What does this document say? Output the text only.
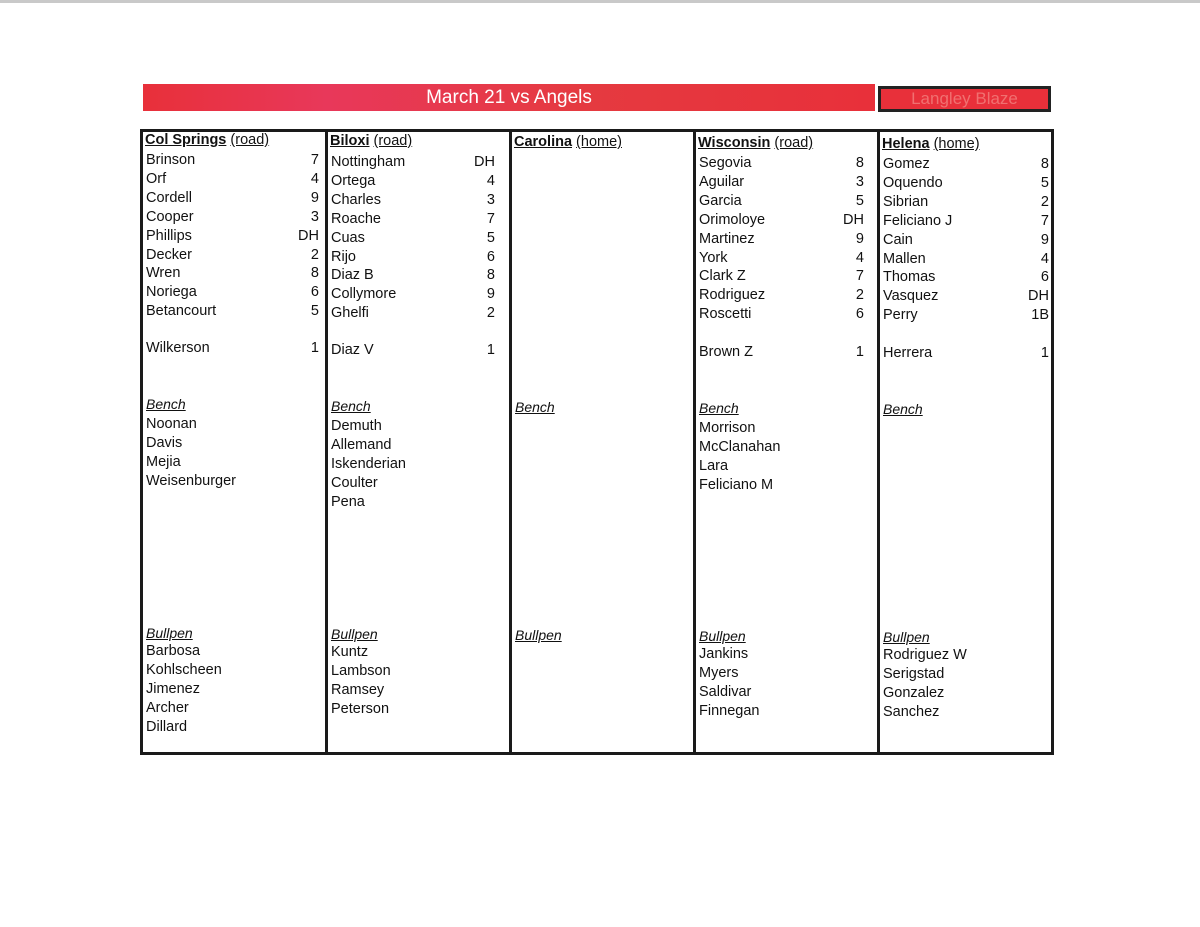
March 21 vs Angels	Langley Blaze
Col Springs (road)
Brinson	7
Orf	4
Cordell	9
Cooper	3
Phillips	DH
Decker	2
Wren	8
Noriega	6
Betancourt	5
Wilkerson	1
Bench
Noonan
Davis
Mejia
Weisenburger
Bullpen
Barbosa
Kohlscheen
Jimenez
Archer
Dillard
Biloxi (road)
Nottingham	DH
Ortega	4
Charles	3
Roache	7
Cuas	5
Rijo	6
Diaz B	8
Collymore	9
Ghelfi	2
Diaz V	1
Bench
Demuth
Allemand
Iskenderian
Coulter
Pena
Bullpen
Kuntz
Lambson
Ramsey
Peterson
Carolina (home)
Bench
Bullpen
Wisconsin (road)
Segovia	8
Aguilar	3
Garcia	5
Orimoloye	DH
Martinez	9
York	4
Clark Z	7
Rodriguez	2
Roscetti	6
Brown Z	1
Bench
Morrison
McClanahan
Lara
Feliciano M
Bullpen
Jankins
Myers
Saldivar
Finnegan
Helena (home)
Gomez	8
Oquendo	5
Sibrian	2
Feliciano J	7
Cain	9
Mallen	4
Thomas	6
Vasquez	DH
Perry	1B
Herrera	1
Bench
Bullpen
Rodriguez W
Serigstad
Gonzalez
Sanchez
